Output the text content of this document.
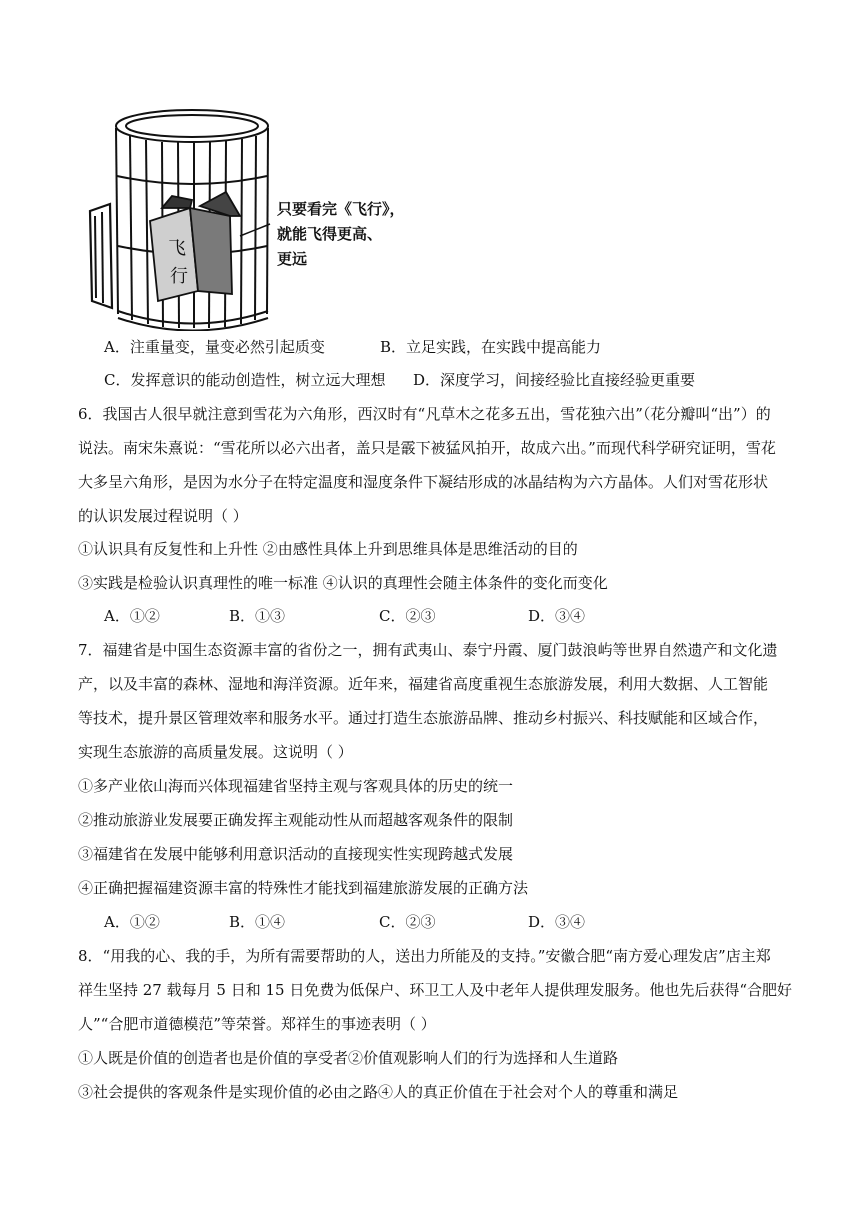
飞
行
只要看完《飞行》，
就能飞得更高、
更远
A．注重量变，量变必然引起质变	B．立足实践，在实践中提高能力
C．发挥意识的能动创造性，树立远大理想 D．深度学习，间接经验比直接经验更重要
6．我国古人很早就注意到雪花为六角形，西汉时有“凡草木之花多五出，雪花独六出”（花分瓣叫“出”）的
说法。南宋朱熹说：“雪花所以必六出者，盖只是霰下被猛风拍开，故成六出。”而现代科学研究证明，雪花
大多呈六角形，是因为水分子在特定温度和湿度条件下凝结形成的冰晶结构为六方晶体。人们对雪花形状
的认识发展过程说明（ ）
①认识具有反复性和上升性 ②由感性具体上升到思维具体是思维活动的目的
③实践是检验认识真理性的唯一标准 ④认识的真理性会随主体条件的变化而变化
A．①②	B．①③	C．②③	D．③④
7．福建省是中国生态资源丰富的省份之一，拥有武夷山、泰宁丹霞、厦门鼓浪屿等世界自然遗产和文化遗
产，以及丰富的森林、湿地和海洋资源。近年来，福建省高度重视生态旅游发展，利用大数据、人工智能
等技术，提升景区管理效率和服务水平。通过打造生态旅游品牌、推动乡村振兴、科技赋能和区域合作，
实现生态旅游的高质量发展。这说明（ ）
①多产业依山海而兴体现福建省坚持主观与客观具体的历史的统一
②推动旅游业发展要正确发挥主观能动性从而超越客观条件的限制
③福建省在发展中能够利用意识活动的直接现实性实现跨越式发展
④正确把握福建资源丰富的特殊性才能找到福建旅游发展的正确方法
A．①②	B．①④	C．②③	D．③④
8．“用我的心、我的手，为所有需要帮助的人，送出力所能及的支持。”安徽合肥“南方爱心理发店”店主郑
祥生坚持 27 载每月 5 日和 15 日免费为低保户、环卫工人及中老年人提供理发服务。他也先后获得“合肥好
人”“合肥市道德模范”等荣誉。郑祥生的事迹表明（ ）
①人既是价值的创造者也是价值的享受者②价值观影响人们的行为选择和人生道路
③社会提供的客观条件是实现价值的必由之路④人的真正价值在于社会对个人的尊重和满足
